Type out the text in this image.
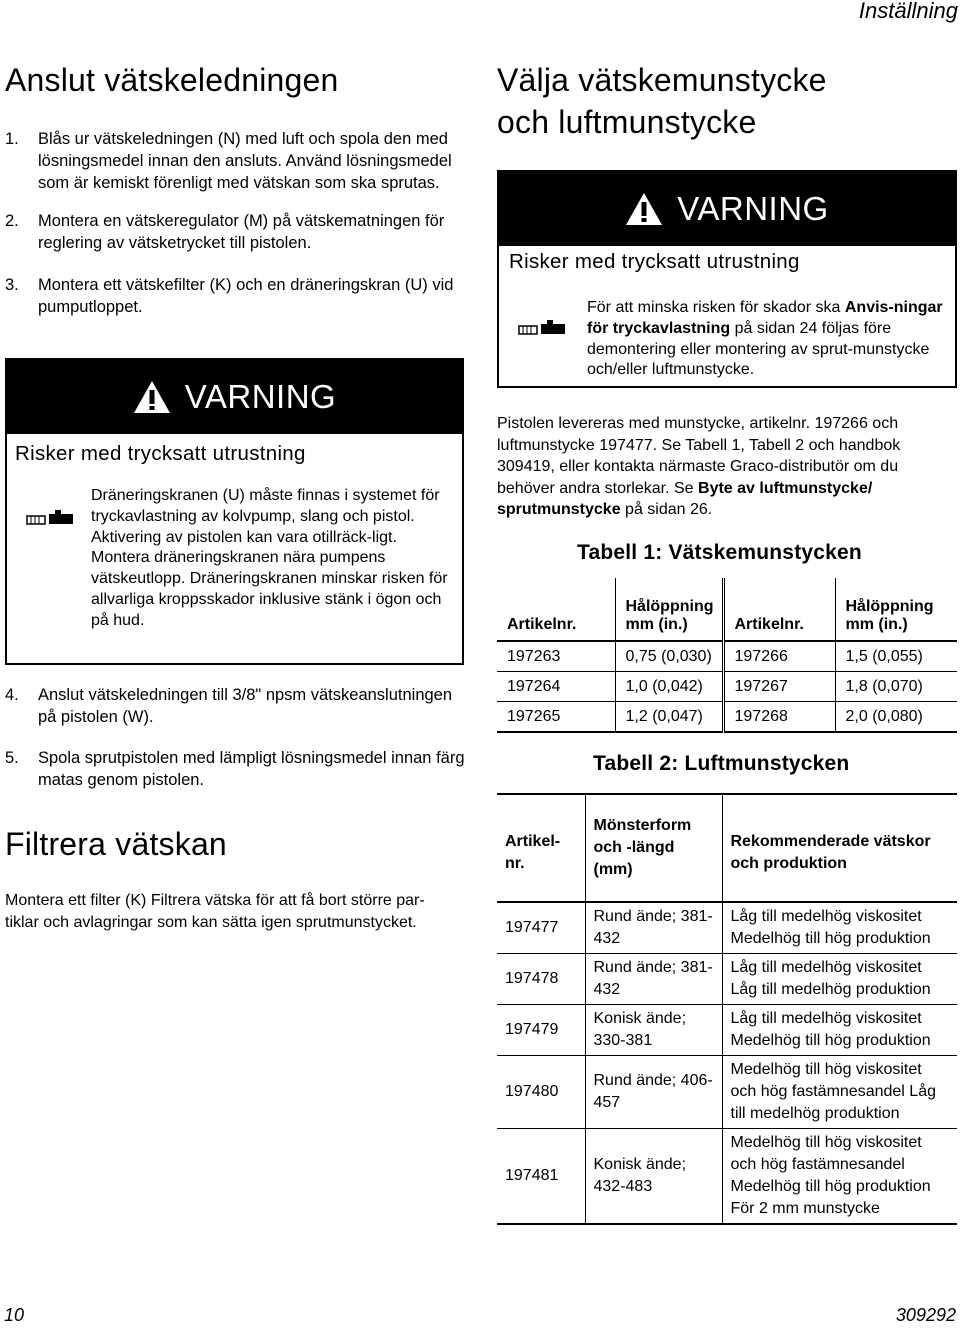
Inställning
Anslut vätskeledningen
1. Blås ur vätskeledningen (N) med luft och spola den med lösningsmedel innan den ansluts. Använd lösningsmedel som är kemiskt förenligt med vätskan som ska sprutas.
2. Montera en vätskeregulator (M) på vätskematningen för reglering av vätsketrycket till pistolen.
3. Montera ett vätskefilter (K) och en dräneringskran (U) vid pumputloppet.
VARNING
Risker med trycksatt utrustning
Dräneringskranen (U) måste finnas i systemet för tryckavlastning av kolvpump, slang och pistol. Aktivering av pistolen kan vara otillräck-ligt. Montera dräneringskranen nära pumpens vätskeutlopp. Dräneringskranen minskar risken för allvarliga kroppsskador inklusive stänk i ögon och på hud.
4. Anslut vätskeledningen till 3/8" npsm vätskeanslutningen på pistolen (W).
5. Spola sprutpistolen med lämpligt lösningsmedel innan färg matas genom pistolen.
Filtrera vätskan
Montera ett filter (K) Filtrera vätska för att få bort större par-tiklar och avlagringar som kan sätta igen sprutmunstycket.
Välja vätskemunstycke
och luftmunstycke
VARNING
Risker med trycksatt utrustning
För att minska risken för skador ska Anvis-ningar för tryckavlastning på sidan 24 följas före demontering eller montering av sprut-munstycke och/eller luftmunstycke.
Pistolen levereras med munstycke, artikelnr. 197266 och luftmunstycke 197477. Se Tabell 1, Tabell 2 och handbok 309419, eller kontakta närmaste Graco-distributör om du behöver andra storlekar. Se Byte av luftmunstycke/ sprutmunstycke på sidan 26.
Tabell 1: Vätskemunstycken
Artikelnr.	Hålöppning mm (in.)	Artikelnr.	Hålöppning mm (in.)
197263	0,75 (0,030)	197266	1,5 (0,055)
197264	1,0 (0,042)	197267	1,8 (0,070)
197265	1,2 (0,047)	197268	2,0 (0,080)
Tabell 2: Luftmunstycken
Artikel-nr.	Mönsterform och -längd (mm)	Rekommenderade vätskor och produktion
197477	Rund ände; 381-432	Låg till medelhög viskositet Medelhög till hög produktion
197478	Rund ände; 381-432	Låg till medelhög viskositet Låg till medelhög produktion
197479	Konisk ände; 330-381	Låg till medelhög viskositet Medelhög till hög produktion
197480	Rund ände; 406-457	Medelhög till hög viskositet och hög fastämnesandel Låg till medelhög produktion
197481	Konisk ände; 432-483	Medelhög till hög viskositet och hög fastämnesandel Medelhög till hög produktion För 2 mm munstycke
10	309292
